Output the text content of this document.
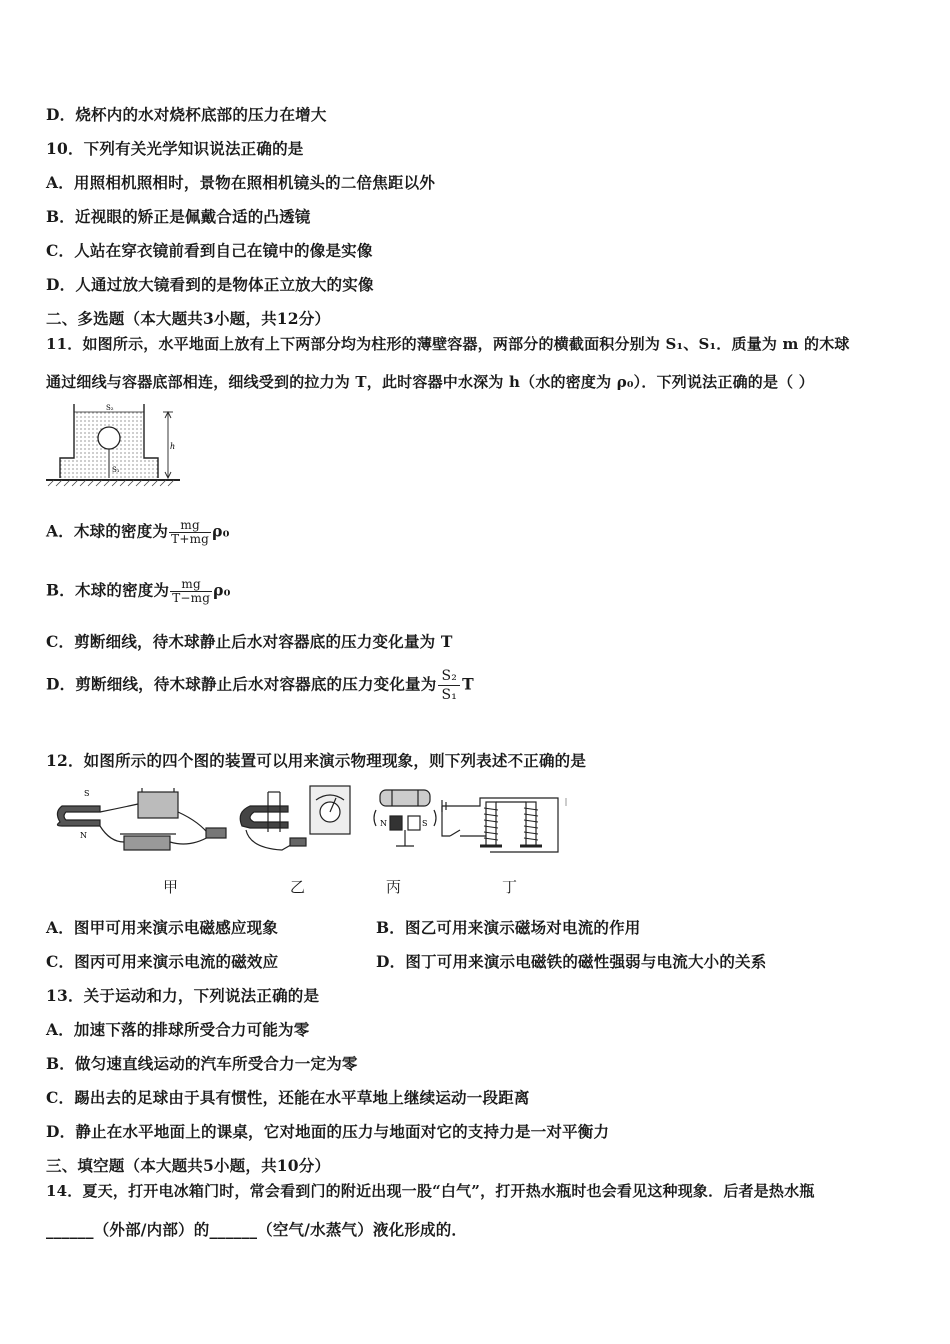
D．烧杯内的水对烧杯底部的压力在增大
10．下列有关光学知识说法正确的是
A．用照相机照相时，景物在照相机镜头的二倍焦距以外
B．近视眼的矫正是佩戴合适的凸透镜
C．人站在穿衣镜前看到自己在镜中的像是实像
D．人通过放大镜看到的是物体正立放大的实像
二、多选题（本大题共3小题，共12分）
11．如图所示，水平地面上放有上下两部分均为柱形的薄壁容器，两部分的横截面积分别为 S₁、S₁．质量为 m 的木球
通过细线与容器底部相连，细线受到的拉力为 T，此时容器中水深为 h（水的密度为 ρ₀）．下列说法正确的是（ ）
h
S₂
S₁
A．木球的密度为 $\frac{mg}{T+mg} \rho_0$
B．木球的密度为 $\frac{mg}{T-mg} \rho_0$
C．剪断细线，待木球静止后水对容器底的压力变化量为 T
D．剪断细线，待木球静止后水对容器底的压力变化量为 $\frac{\text{S₂}}{\text{S₁}}$ T
12．如图所示的四个图的装置可以用来演示物理现象，则下列表述不正确的是
S
N
N	S
甲	乙	丙	丁
A．图甲可用来演示电磁感应现象	B．图乙可用来演示磁场对电流的作用
C．图丙可用来演示电流的磁效应	D．图丁可用来演示电磁铁的磁性强弱与电流大小的关系
13．关于运动和力，下列说法正确的是
A．加速下落的排球所受合力可能为零
B．做匀速直线运动的汽车所受合力一定为零
C．踢出去的足球由于具有惯性，还能在水平草地上继续运动一段距离
D．静止在水平地面上的课桌，它对地面的压力与地面对它的支持力是一对平衡力
三、填空题（本大题共5小题，共10分）
14．夏天，打开电冰箱门时，常会看到门的附近出现一股“白气”，打开热水瓶时也会看见这种现象．后者是热水瓶
______（外部/内部）的______（空气/水蒸气）液化形成的．
